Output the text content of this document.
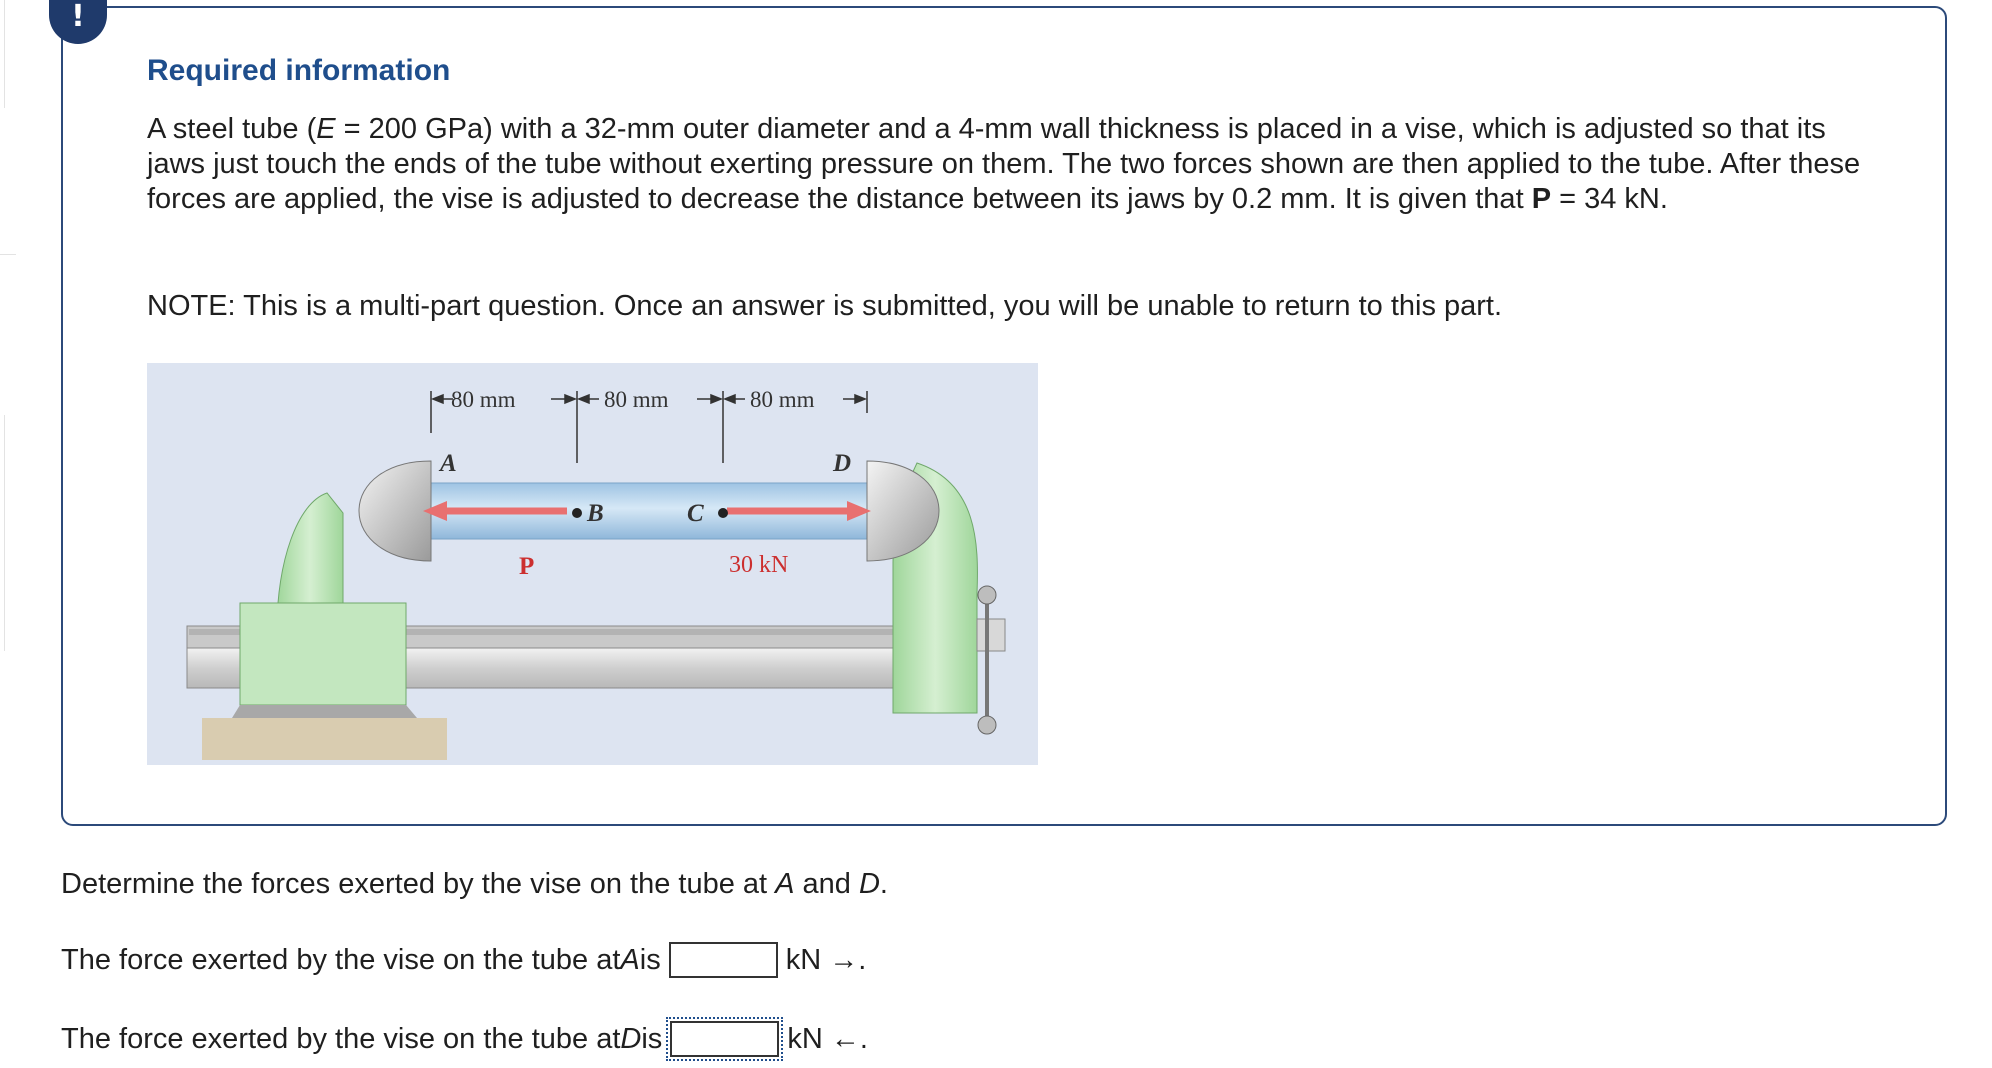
!
Required information
A steel tube (E = 200 GPa) with a 32-mm outer diameter and a 4-mm wall thickness is placed in a vise, which is adjusted so that its jaws just touch the ends of the tube without exerting pressure on them. The two forces shown are then applied to the tube. After these forces are applied, the vise is adjusted to decrease the distance between its jaws by 0.2 mm. It is given that P = 34 kN.
NOTE: This is a multi-part question. Once an answer is submitted, you will be unable to return to this part.
80 mm	80 mm	80 mm
A
B	C
D
P	30 kN
Determine the forces exerted by the vise on the tube at A and D.
The force exerted by the vise on the tube at A is	kN
→.
The force exerted by the vise on the tube at D is	kN
←.
